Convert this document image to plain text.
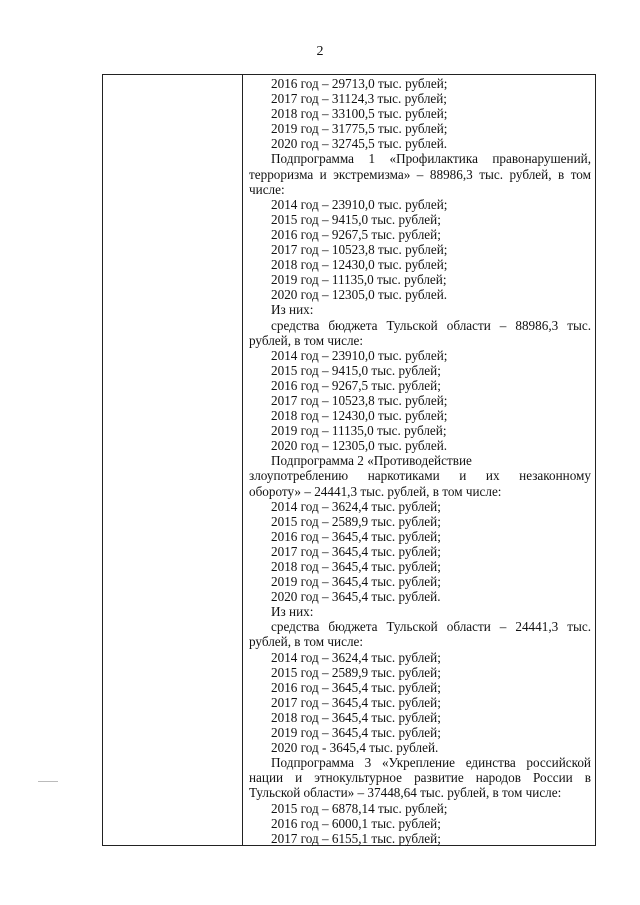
2
2016 год – 29713,0 тыс. рублей;
2017 год – 31124,3 тыс. рублей;
2018 год – 33100,5 тыс. рублей;
2019 год – 31775,5 тыс. рублей;
2020 год – 32745,5 тыс. рублей.
Подпрограмма 1 «Профилактика правонарушений,
терроризма и экстремизма» – 88986,3 тыс. рублей, в том
числе:
2014 год – 23910,0 тыс. рублей;
2015 год – 9415,0 тыс. рублей;
2016 год – 9267,5 тыс. рублей;
2017 год – 10523,8 тыс. рублей;
2018 год – 12430,0 тыс. рублей;
2019 год – 11135,0 тыс. рублей;
2020 год – 12305,0 тыс. рублей.
Из них:
средства бюджета Тульской области – 88986,3 тыс.
рублей, в том числе:
2014 год – 23910,0 тыс. рублей;
2015 год – 9415,0 тыс. рублей;
2016 год – 9267,5 тыс. рублей;
2017 год – 10523,8 тыс. рублей;
2018 год – 12430,0 тыс. рублей;
2019 год – 11135,0 тыс. рублей;
2020 год – 12305,0 тыс. рублей.
Подпрограмма 2 «Противодействие
злоупотреблению наркотиками и их незаконному
обороту» – 24441,3 тыс. рублей, в том числе:
2014 год – 3624,4 тыс. рублей;
2015 год – 2589,9 тыс. рублей;
2016 год – 3645,4 тыс. рублей;
2017 год – 3645,4 тыс. рублей;
2018 год – 3645,4 тыс. рублей;
2019 год – 3645,4 тыс. рублей;
2020 год – 3645,4 тыс. рублей.
Из них:
средства бюджета Тульской области – 24441,3 тыс.
рублей, в том числе:
2014 год – 3624,4 тыс. рублей;
2015 год – 2589,9 тыс. рублей;
2016 год – 3645,4 тыс. рублей;
2017 год – 3645,4 тыс. рублей;
2018 год – 3645,4 тыс. рублей;
2019 год – 3645,4 тыс. рублей;
2020 год - 3645,4 тыс. рублей.
Подпрограмма 3 «Укрепление единства российской
нации и этнокультурное развитие народов России в
Тульской области» – 37448,64 тыс. рублей, в том числе:
2015 год – 6878,14 тыс. рублей;
2016 год – 6000,1 тыс. рублей;
2017 год – 6155,1 тыс. рублей;
